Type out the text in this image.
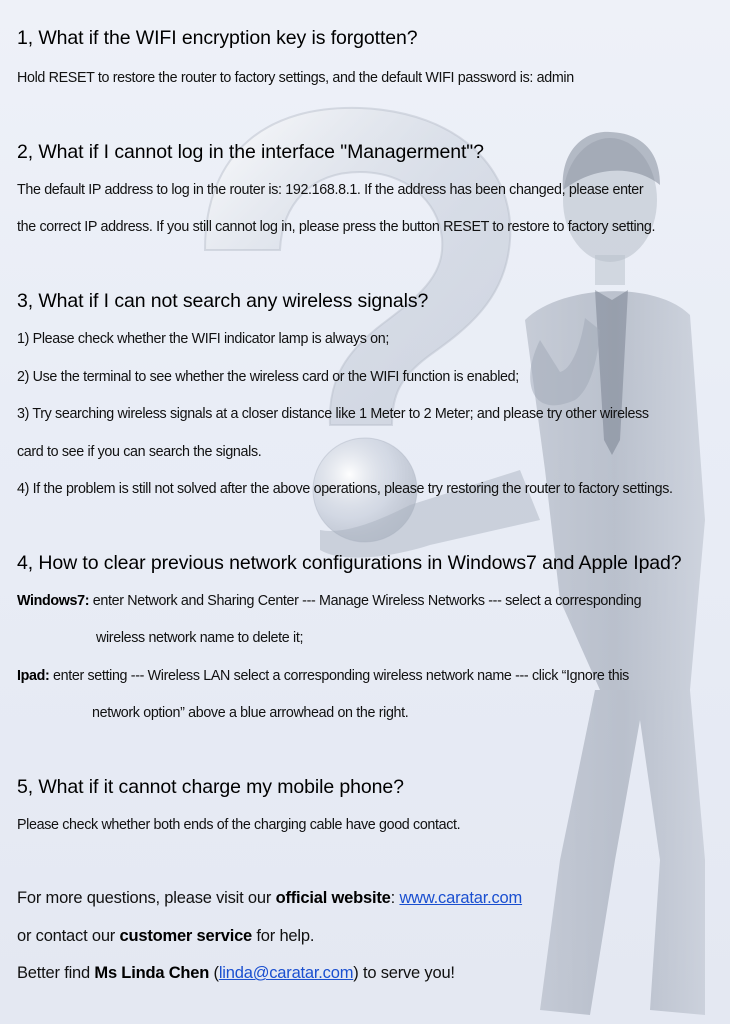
1, What if the WIFI encryption key is forgotten?

Hold RESET to restore the router to factory settings, and the default WIFI password is: admin

2, What if I cannot log in the interface "Managerment"?

The default IP address to log in the router is: 192.168.8.1. If the address has been changed, please enter

the correct IP address. If you still cannot log in, please press the button RESET to restore to factory setting.

3, What if I can not search any wireless signals?

1) Please check whether the WIFI indicator lamp is always on;

2) Use the terminal to see whether the wireless card or the WIFI function is enabled;

3) Try searching wireless signals at a closer distance like 1 Meter to 2 Meter; and please try other wireless

card to see if you can search the signals.

4) If the problem is still not solved after the above operations, please try restoring the router to factory settings.

4, How to clear previous network configurations in Windows7 and Apple Ipad?

Windows7: enter Network and Sharing Center --- Manage Wireless Networks --- select a corresponding

wireless network name to delete it;

Ipad: enter setting --- Wireless LAN select a corresponding wireless network name --- click “Ignore this

network option” above a blue arrowhead on the right.

5, What if it cannot charge my mobile phone?

Please check whether both ends of the charging cable have good contact.

For more questions, please visit our official website: www.caratar.com

or contact our customer service for help.

Better find Ms Linda Chen (linda@caratar.com) to serve you!
